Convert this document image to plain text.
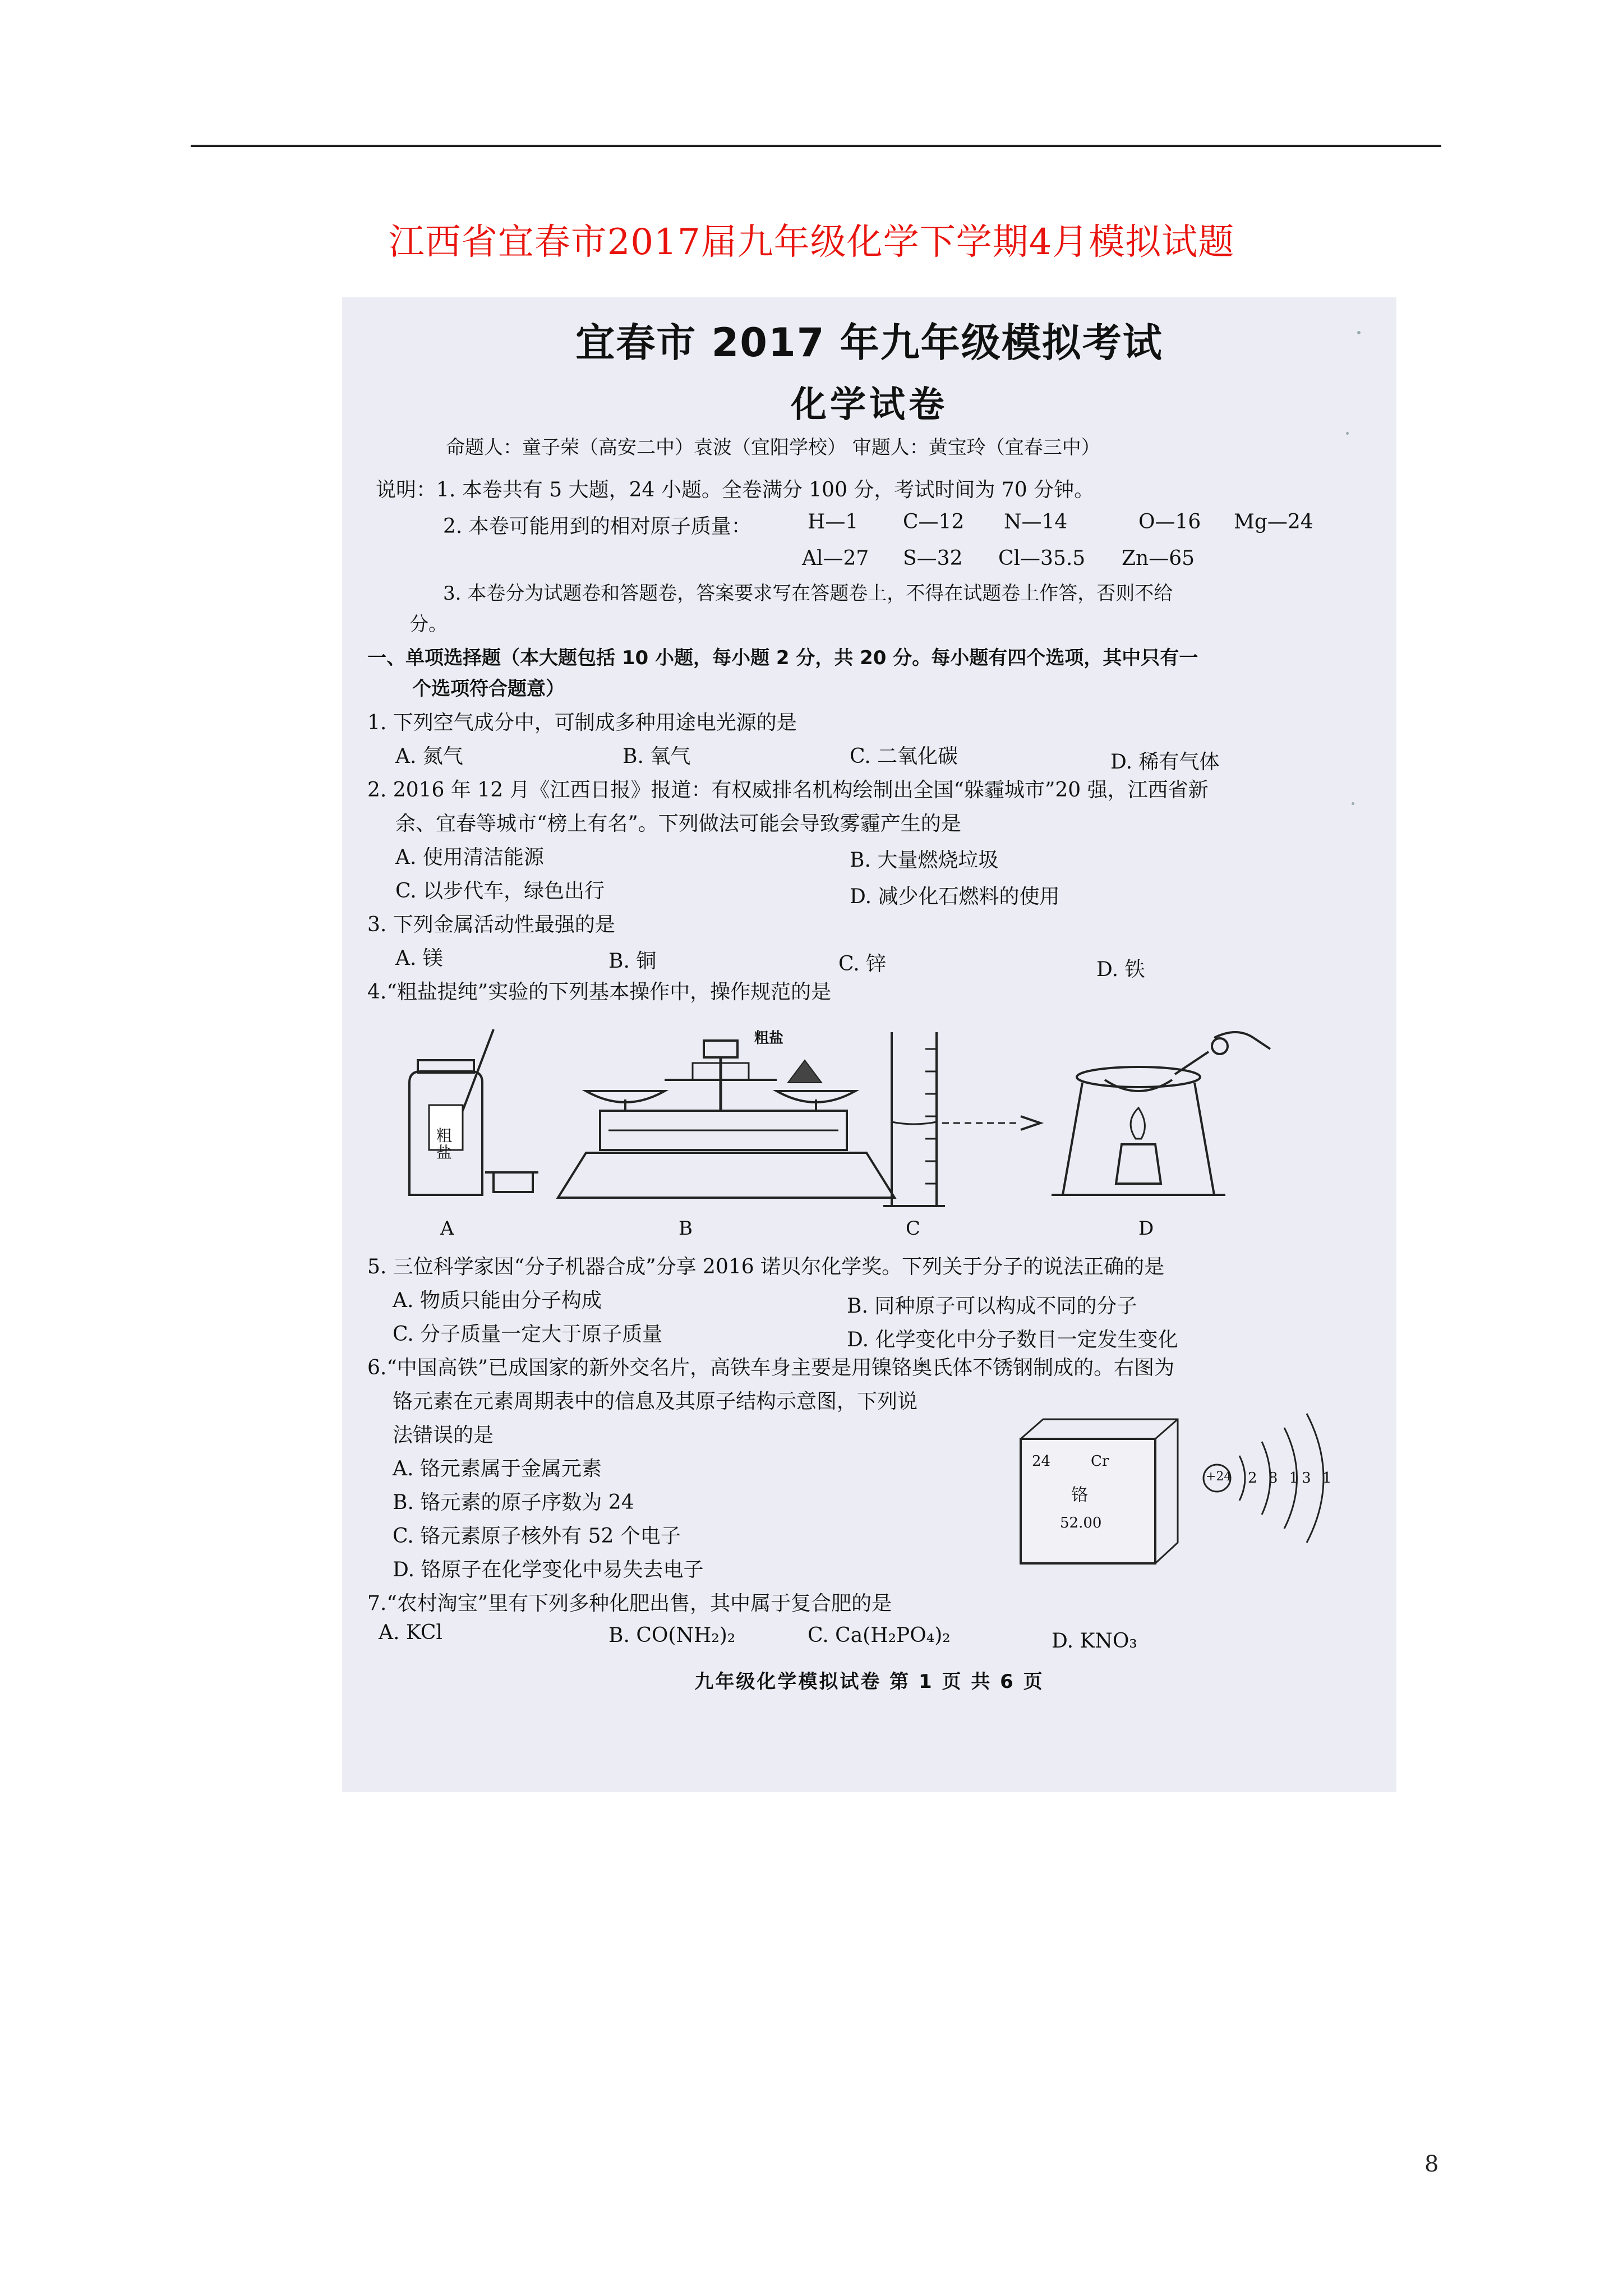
江西省宜春市2017届九年级化学下学期4月模拟试题
宜春市 2017 年九年级模拟考试
化学试卷
命题人：童子荣（高安二中）袁波（宜阳学校） 审题人：黄宝玲（宜春三中）
说明：1. 本卷共有 5 大题，24 小题。全卷满分 100 分，考试时间为 70 分钟。
2. 本卷可能用到的相对原子质量：	H—1 C—12 N—14	O—16 Mg—24
Al—27 S—32 Cl—35.5 Zn—65
3. 本卷分为试题卷和答题卷，答案要求写在答题卷上，不得在试题卷上作答，否则不给
分。
一、单项选择题（本大题包括 10 小题，每小题 2 分，共 20 分。每小题有四个选项，其中只有一
个选项符合题意）
1. 下列空气成分中，可制成多种用途电光源的是
A. 氮气	B. 氧气	C. 二氧化碳	D. 稀有气体
2. 2016 年 12 月《江西日报》报道：有权威排名机构绘制出全国“躲霾城市”20 强，江西省新
余、宜春等城市“榜上有名”。下列做法可能会导致雾霾产生的是
A. 使用清洁能源	B. 大量燃烧垃圾
C. 以步代车，绿色出行	D. 减少化石燃料的使用
3. 下列金属活动性最强的是
A. 镁	B. 铜	C. 锌	D. 铁
4.“粗盐提纯”实验的下列基本操作中，操作规范的是
粗盐
A
粗盐
B	C	D
5. 三位科学家因“分子机器合成”分享 2016 诺贝尔化学奖。下列关于分子的说法正确的是
A. 物质只能由分子构成	B. 同种原子可以构成不同的分子
C. 分子质量一定大于原子质量	D. 化学变化中分子数目一定发生变化
6.“中国高铁”已成国家的新外交名片，高铁车身主要是用镍铬奥氏体不锈钢制成的。右图为
铬元素在元素周期表中的信息及其原子结构示意图，下列说
法错误的是
A. 铬元素属于金属元素
B. 铬元素的原子序数为 24
C. 铬元素原子核外有 52 个电子
D. 铬原子在化学变化中易失去电子
24	Cr
铬
52.00
+24 2 8 13 1
7.“农村淘宝”里有下列多种化肥出售，其中属于复合肥的是
A. KCl	B. CO(NH₂)₂	C. Ca(H₂PO₄)₂	D. KNO₃
九年级化学模拟试卷 第 1 页 共 6 页
8
